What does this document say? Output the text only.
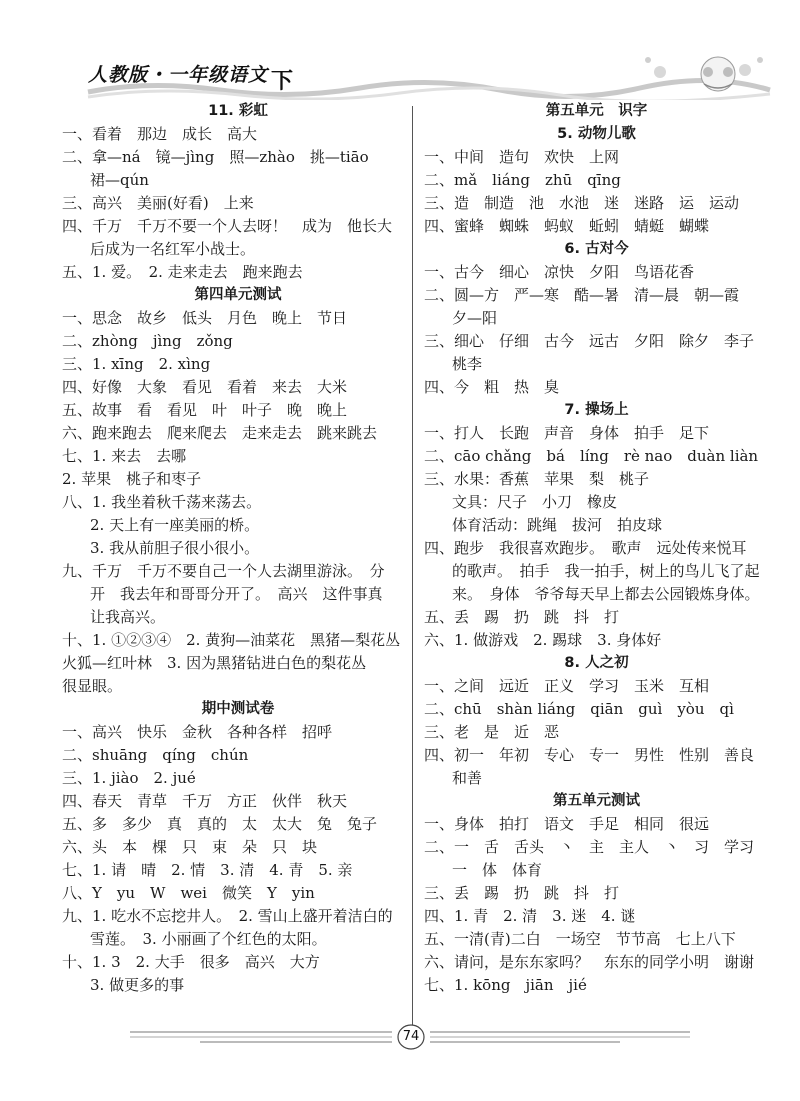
人教版・一年级语文 下
11. 彩虹
一、看着　那边　成长　高大
二、拿—ná　镜—jìng　照—zhào　挑—tiāo
裙—qún
三、高兴　美丽(好看)　上来
四、千万　千万不要一个人去呀！　成为　他长大
后成为一名红军小战士。
五、1. 爱。　2. 走来走去　跑来跑去
第四单元测试
一、思念　故乡　低头　月色　晚上　节日
二、zhòng　jìng　zǒng
三、1. xīng　2. xìng
四、好像　大象　看见　看着　来去　大米
五、故事　看　看见　叶　叶子　晚　晚上
六、跑来跑去　爬来爬去　走来走去　跳来跳去
七、1. 来去　去哪
2. 苹果　桃子和枣子
八、1. 我坐着秋千荡来荡去。
2. 天上有一座美丽的桥。
3. 我从前胆子很小很小。
九、千万　千万不要自己一个人去湖里游泳。　分
开　我去年和哥哥分开了。　高兴　这件事真
让我高兴。
十、1. ①②③④　2. 黄狗—油菜花　黑猪—梨花丛
火狐—红叶林　3. 因为黑猪钻进白色的梨花丛
很显眼。
期中测试卷
一、高兴　快乐　金秋　各种各样　招呼
二、shuāng　qíng　chún
三、1. jiào　2. jué
四、春天　青草　千万　方正　伙伴　秋天
五、多　多少　真　真的　太　太大　兔　兔子
六、头　本　棵　只　束　朵　只　块
七、1. 请　晴　2. 情　3. 清　4. 青　5. 亲
八、Y　yu　W　wei　微笑　Y　yin
九、1. 吃水不忘挖井人。　2. 雪山上盛开着洁白的
雪莲。　3. 小丽画了个红色的太阳。
十、1. 3　2. 大手　很多　高兴　大方
3. 做更多的事
第五单元　识字
5. 动物儿歌
一、中间　造句　欢快　上网
二、mǎ　liáng　zhū　qīng
三、造　制造　池　水池　迷　迷路　运　运动
四、蜜蜂　蜘蛛　蚂蚁　蚯蚓　蜻蜓　蝴蝶
6. 古对今
一、古今　细心　凉快　夕阳　鸟语花香
二、圆—方　严—寒　酷—暑　清—晨　朝—霞
夕—阳
三、细心　仔细　古今　远古　夕阳　除夕　李子
桃李
四、今　粗　热　臭
7. 操场上
一、打人　长跑　声音　身体　拍手　足下
二、cāo chǎng　bá　líng　rè nao　duàn liàn
三、水果：香蕉　苹果　梨　桃子
文具：尺子　小刀　橡皮
体育活动：跳绳　拔河　拍皮球
四、跑步　我很喜欢跑步。　歌声　远处传来悦耳
的歌声。　拍手　我一拍手，树上的鸟儿飞了起
来。　身体　爷爷每天早上都去公园锻炼身体。
五、丢　踢　扔　跳　抖　打
六、1. 做游戏　2. 踢球　3. 身体好
8. 人之初
一、之间　远近　正义　学习　玉米　互相
二、chū　shàn liáng　qiān　guì　yòu　qì
三、老　是　近　恶
四、初一　年初　专心　专一　男性　性别　善良
和善
第五单元测试
一、身体　拍打　语文　手足　相同　很远
二、一　舌　舌头　丶　主　主人　丶　习　学习
一　体　体育
三、丢　踢　扔　跳　抖　打
四、1. 青　2. 清　3. 迷　4. 谜
五、一清(青)二白　一场空　节节高　七上八下
六、请问，是东东家吗？　东东的同学小明　谢谢
七、1. kōng　jiān　jié
74
